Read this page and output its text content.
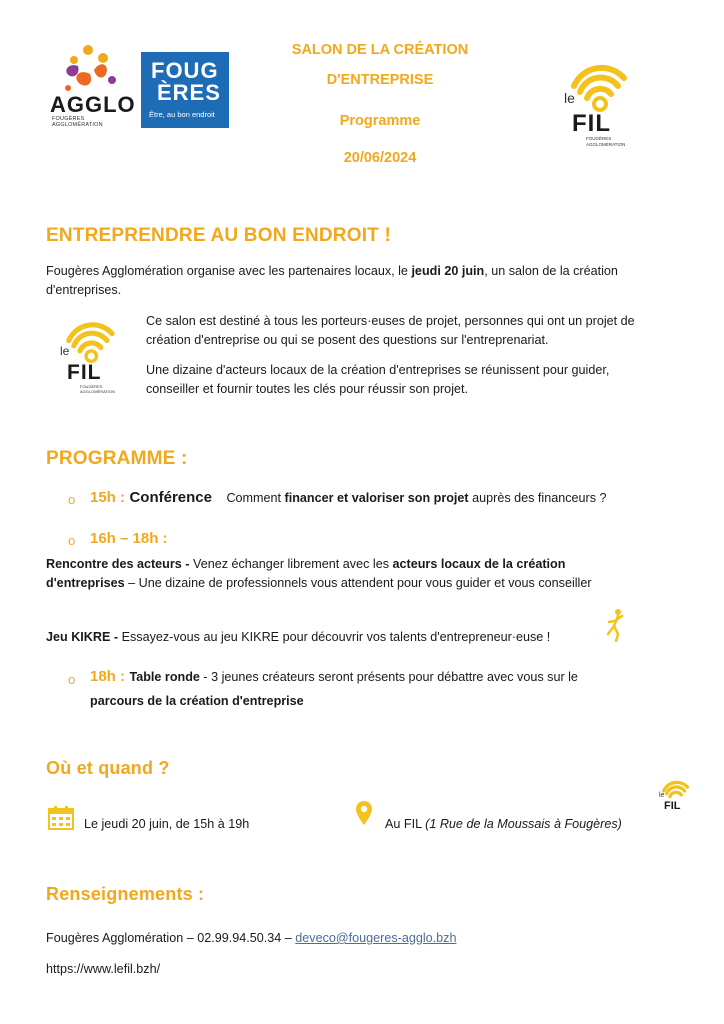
AGGLO
FOUGÈRES AGGLOMÉRATION
FOUG
ÈRES
Être, au bon endroit
SALON DE LA CRÉATION
D'ENTREPRISE
Programme
20/06/2024
le
FIL
FOUGÈRES
AGGLOMÉRATION
ENTREPRENDRE AU BON ENDROIT !
Fougères Agglomération organise avec les partenaires locaux, le jeudi 20 juin, un salon de la création
d'entreprises.
le
FIL
FOUGÈRES
AGGLOMÉRATION
Ce salon est destiné à tous les porteurs·euses de projet, personnes qui ont un projet de
création d'entreprise ou qui se posent des questions sur l'entreprenariat.
Une dizaine d'acteurs locaux de la création d'entreprises se réunissent pour guider,
conseiller et fournir toutes les clés pour réussir son projet.
PROGRAMME :
o 15h : Conférence Comment financer et valoriser son projet auprès des financeurs ?
o 16h – 18h :
Rencontre des acteurs - Venez échanger librement avec les acteurs locaux de la création
d'entreprises – Une dizaine de professionnels vous attendent pour vous guider et vous conseiller
Jeu KIKRE - Essayez-vous au jeu KIKRE pour découvrir vos talents d'entrepreneur·euse !
o 18h : Table ronde - 3 jeunes créateurs seront présents pour débattre avec vous sur le
parcours de la création d'entreprise
Où et quand ?
Le jeudi 20 juin, de 15h à 19h	Au FIL (1 Rue de la Moussais à Fougères)
le
FIL
Renseignements :
Fougères Agglomération – 02.99.94.50.34 – deveco@fougeres-agglo.bzh
https://www.lefil.bzh/
